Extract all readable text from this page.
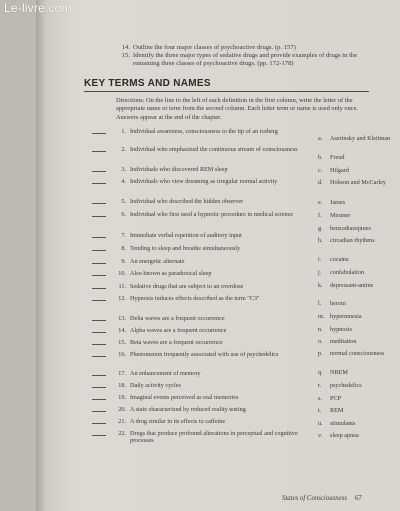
Le-livre.com
14. Outline the four major classes of psychoactive drugs. (p. 157)
15. Identify the three major types of sedative drugs and provide examples of drugs in the remaining three classes of psychoactive drugs. (pp. 172-178)
KEY TERMS AND NAMES
Directions: On the line to the left of each definition in the first column, write the letter of the appropriate name or term from the second column. Each letter term or name is used only once. Answers appear at the end of the chapter.
1. Individual awareness, consciousness to the tip of an iceberg
2. Individual who emphasized the continuous stream of consciousness
3. Individuals who discovered REM sleep
4. Individuals who view dreaming as irregular normal activity
5. Individual who described the hidden observer
6. Individual who first used a hypnotic procedure in medical science
7. Immediate verbal repetition of auditory input
8. Tending to sleep and breathe simultaneously
9. An energetic alternate
10. Also known as paradoxical sleep
11. Sedative drugs that are subject to an overdose
12. Hypnosis induces effects described as the term "C3"
13. Delta waves are a frequent occurrence
14. Alpha waves are a frequent occurrence
15. Beta waves are a frequent occurrence
16. Phenomenon frequently associated with use of psychedelics
17. An enhancement of memory
18. Daily activity cycles
19. Imaginal events perceived as real memories
20. A state characterized by reduced reality testing
21. A drug similar in its effects to caffeine
22. Drugs that produce profound alterations in perceptual and cognitive processes
a. Aserinsky and Kleitman
b. Freud
c. Hilgard
d. Hobson and McCarley
e. James
f. Mesmer
g. benzodiazepines
h. circadian rhythms
i. cocaine
j. confabulation
k. depressant-amine
l. heroin
m. hypermnesia
n. hypnosis
o. meditation
p. normal consciousness
q. NREM
r. psychedelics
s. PCP
t. REM
u. stimulants
v. sleep apnea
States of Consciousness 67
